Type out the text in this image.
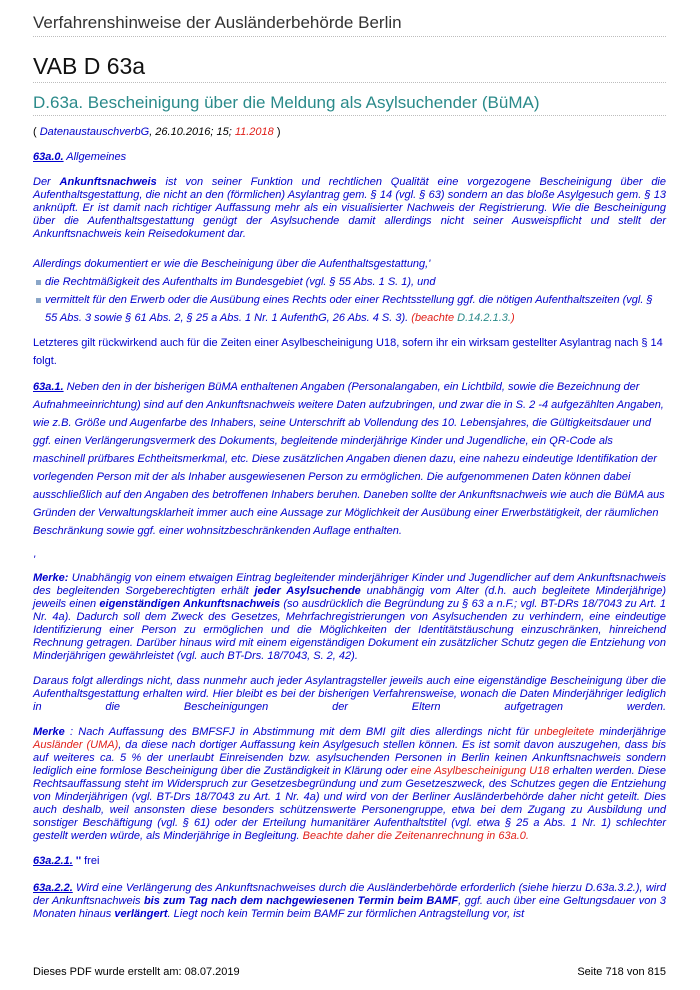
Verfahrenshinweise der Ausländerbehörde Berlin
VAB D 63a
D.63a. Bescheinigung über die Meldung als Asylsuchender (BüMA)

( DatenaustauschverbG, 26.10.2016; 15; 11.2018 )

63a.0. Allgemeines

Der Ankunftsnachweis ist von seiner Funktion und rechtlichen Qualität eine vorgezogene Bescheinigung über die Aufenthaltsgestattung, die nicht an den (förmlichen) Asylantrag gem. § 14 (vgl. § 63) sondern an das bloße Asylgesuch gem. § 13 anknüpft. Er ist damit nach richtiger Auffassung mehr als ein visualisierter Nachweis der Registrierung. Wie die Bescheinigung über die Aufenthaltsgestattung genügt der Asylsuchende damit allerdings nicht seiner Ausweispflicht und stellt der Ankunftsnachweis kein Reisedokument dar.

Allerdings dokumentiert er wie die Bescheinigung über die Aufenthaltsgestattung,'

die Rechtmäßigkeit des Aufenthalts im Bundesgebiet (vgl. § 55 Abs. 1 S. 1), und
vermittelt für den Erwerb oder die Ausübung eines Rechts oder einer Rechtsstellung ggf. die nötigen Aufenthaltszeiten (vgl. § 55 Abs. 3 sowie § 61 Abs. 2, § 25 a Abs. 1 Nr. 1 AufenthG, 26 Abs. 4 S. 3). (beachte D.14.2.1.3.)

Letzteres gilt rückwirkend auch für die Zeiten einer Asylbescheinigung U18, sofern ihr ein wirksam gestellter Asylantrag nach § 14 folgt.

63a.1. Neben den in der bisherigen BüMA enthaltenen Angaben (Personalangaben, ein Lichtbild, sowie die Bezeichnung der Aufnahmeeinrichtung) sind auf den Ankunftsnachweis weitere Daten aufzubringen, und zwar die in S. 2 -4 aufgezählten Angaben, wie z.B. Größe und Augenfarbe des Inhabers, seine Unterschrift ab Vollendung des 10. Lebensjahres, die Gültigkeitsdauer und ggf. einen Verlängerungsvermerk des Dokuments, begleitende minderjährige Kinder und Jugendliche, ein QR-Code als maschinell prüfbares Echtheitsmerkmal, etc. Diese zusätzlichen Angaben dienen dazu, eine nahezu eindeutige Identifikation der vorlegenden Person mit der als Inhaber ausgewiesenen Person zu ermöglichen. Die aufgenommenen Daten können dabei ausschließlich auf den Angaben des betroffenen Inhabers beruhen. Daneben sollte der Ankunftsnachweis wie auch die BüMA aus Gründen der Verwaltungsklarheit immer auch eine Aussage zur Möglichkeit der Ausübung einer Erwerbstätigkeit, der räumlichen Beschränkung sowie ggf. einer wohnsitzbeschränkenden Auflage enthalten.

'

Merke: Unabhängig von einem etwaigen Eintrag begleitender minderjähriger Kinder und Jugendlicher auf dem Ankunftsnachweis des begleitenden Sorgeberechtigten erhält jeder Asylsuchende unabhängig vom Alter (d.h. auch begleitete Minderjährige) jeweils einen eigenständigen Ankunftsnachweis (so ausdrücklich die Begründung zu § 63 a n.F.; vgl. BT-DRs 18/7043 zu Art. 1 Nr. 4a). Dadurch soll dem Zweck des Gesetzes, Mehrfachregistrierungen von Asylsuchenden zu verhindern, eine eindeutige Identifizierung einer Person zu ermöglichen und die Möglichkeiten der Identitätstäuschung einzuschränken, hinreichend Rechnung getragen. Darüber hinaus wird mit einem eigenständigen Dokument ein zusätzlicher Schutz gegen die Entziehung von Minderjährigen gewährleistet (vgl. auch BT-Drs. 18/7043, S. 2, 42).

Daraus folgt allerdings nicht, dass nunmehr auch jeder Asylantragsteller jeweils auch eine eigenständige Bescheinigung über die Aufenthaltsgestattung erhalten wird. Hier bleibt es bei der bisherigen Verfahrensweise, wonach die Daten Minderjähriger lediglich in die Bescheinigungen der Eltern aufgetragen werden.

Merke : Nach Auffassung des BMFSFJ in Abstimmung mit dem BMI gilt dies allerdings nicht für unbegleitete minderjährige Ausländer (UMA), da diese nach dortiger Auffassung kein Asylgesuch stellen können. Es ist somit davon auszugehen, dass bis auf weiteres ca. 5 % der unerlaubt Einreisenden bzw. asylsuchenden Personen in Berlin keinen Ankunftsnachweis sondern lediglich eine formlose Bescheinigung über die Zuständigkeit in Klärung oder eine Asylbescheinigung U18 erhalten werden. Diese Rechtsauffassung steht im Widerspruch zur Gesetzesbegründung und zum Gesetzeszweck, des Schutzes gegen die Entziehung von Minderjährigen (vgl. BT-Drs 18/7043 zu Art. 1 Nr. 4a) und wird von der Berliner Ausländerbehörde daher nicht geteilt. Dies auch deshalb, weil ansonsten diese besonders schützenswerte Personengruppe, etwa bei dem Zugang zu Ausbildung und sonstiger Beschäftigung (vgl. § 61) oder der Erteilung humanitärer Aufenthaltstitel (vgl. etwa § 25 a Abs. 1 Nr. 1) schlechter gestellt werden würde, als Minderjährige in Begleitung. Beachte daher die Zeitenanrechnung in 63a.0.

63a.2.1. '' frei

63a.2.2. Wird eine Verlängerung des Ankunftsnachweises durch die Ausländerbehörde erforderlich (siehe hierzu D.63a.3.2.), wird der Ankunftsnachweis bis zum Tag nach dem nachgewiesenen Termin beim BAMF, ggf. auch über eine Geltungsdauer von 3 Monaten hinaus verlängert. Liegt noch kein Termin beim BAMF zur förmlichen Antragstellung vor, ist

Dieses PDF wurde erstellt am: 08.07.2019	Seite 718 von 815
